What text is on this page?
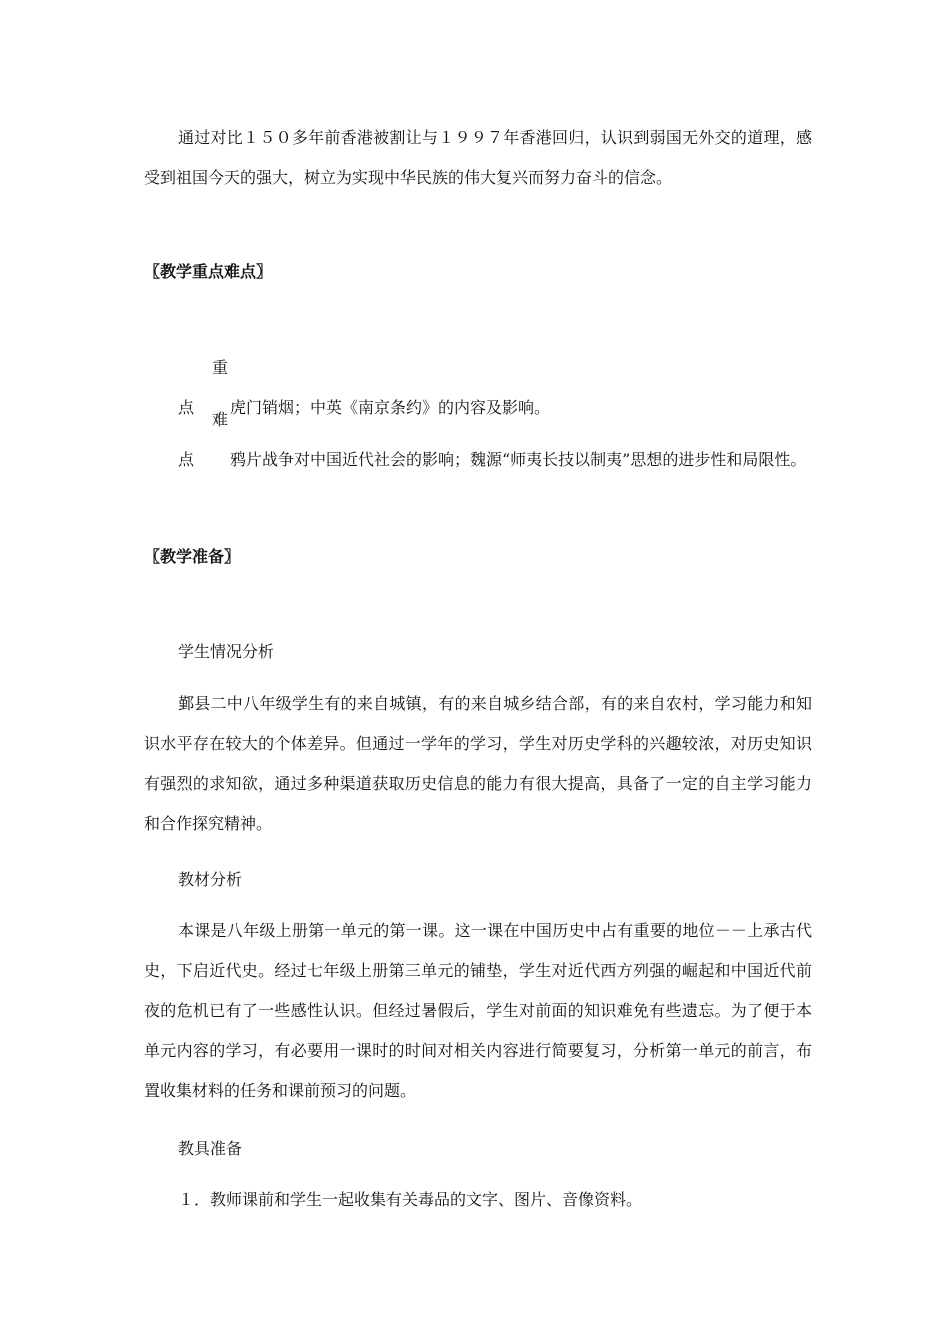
通过对比１５０多年前香港被割让与１９９７年香港回归，认识到弱国无外交的道理，感受到祖国今天的强大，树立为实现中华民族的伟大复兴而努力奋斗的信念。

〖教学重点难点〗

重点 虎门销烟；中英《南京条约》的内容及影响。

难点 鸦片战争对中国近代社会的影响；魏源“师夷长技以制夷”思想的进步性和局限性。

〖教学准备〗

学生情况分析

鄞县二中八年级学生有的来自城镇，有的来自城乡结合部，有的来自农村，学习能力和知识水平存在较大的个体差异。但通过一学年的学习，学生对历史学科的兴趣较浓，对历史知识有强烈的求知欲，通过多种渠道获取历史信息的能力有很大提高，具备了一定的自主学习能力和合作探究精神。

教材分析

本课是八年级上册第一单元的第一课。这一课在中国历史中占有重要的地位－－上承古代史，下启近代史。经过七年级上册第三单元的铺垫，学生对近代西方列强的崛起和中国近代前夜的危机已有了一些感性认识。但经过暑假后，学生对前面的知识难免有些遗忘。为了便于本单元内容的学习，有必要用一课时的时间对相关内容进行简要复习，分析第一单元的前言，布置收集材料的任务和课前预习的问题。

教具准备

１．教师课前和学生一起收集有关毒品的文字、图片、音像资料。
